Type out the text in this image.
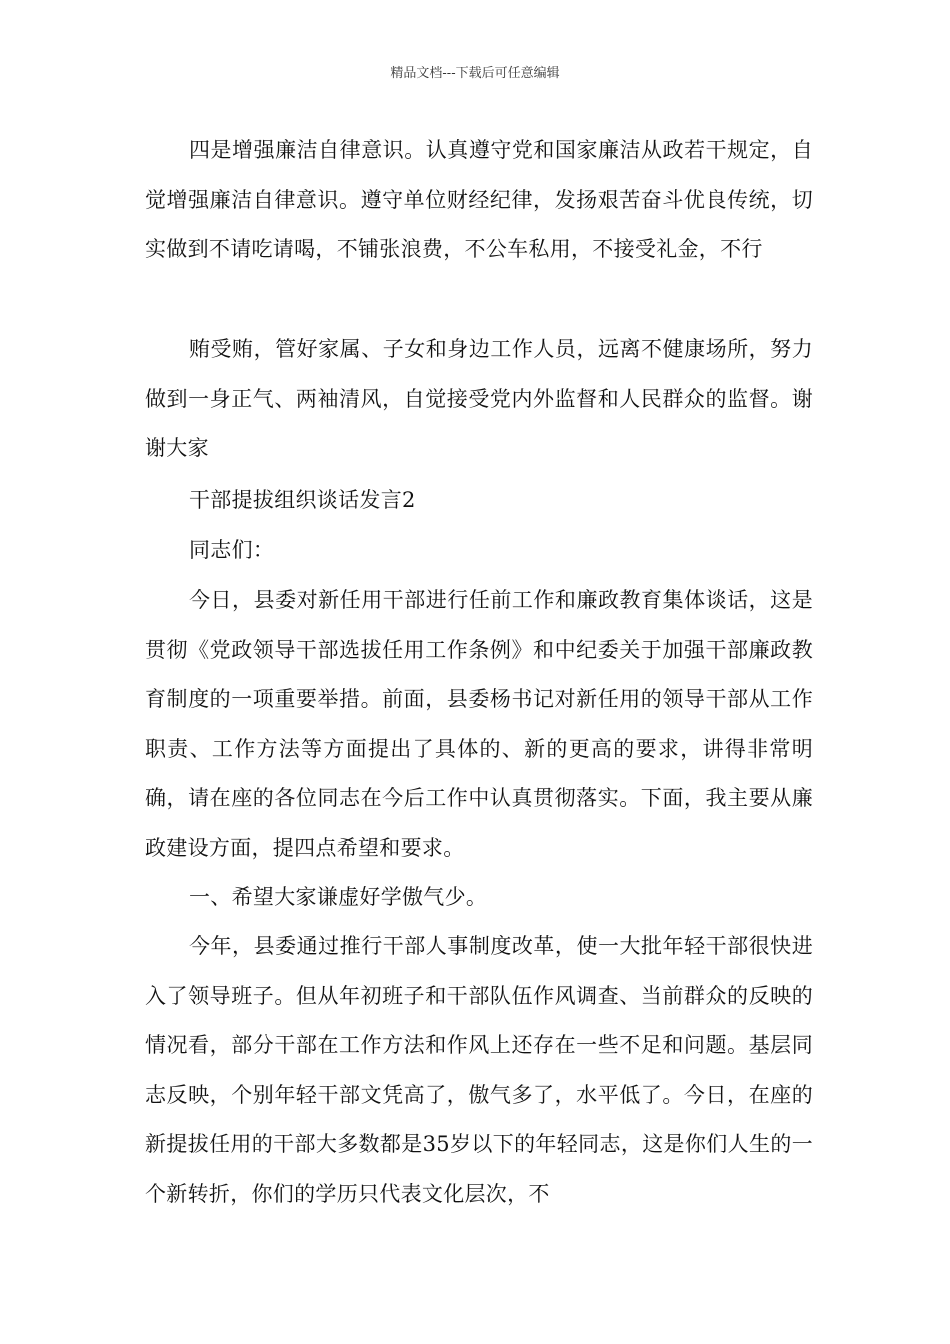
精品文档---下载后可任意编辑

四是增强廉洁自律意识。认真遵守党和国家廉洁从政若干规定，自觉增强廉洁自律意识。遵守单位财经纪律，发扬艰苦奋斗优良传统，切实做到不请吃请喝，不铺张浪费，不公车私用，不接受礼金，不行

贿受贿，管好家属、子女和身边工作人员，远离不健康场所，努力做到一身正气、两袖清风，自觉接受党内外监督和人民群众的监督。谢谢大家

干部提拔组织谈话发言2

同志们：

今日，县委对新任用干部进行任前工作和廉政教育集体谈话，这是贯彻《党政领导干部选拔任用工作条例》和中纪委关于加强干部廉政教育制度的一项重要举措。前面，县委杨书记对新任用的领导干部从工作职责、工作方法等方面提出了具体的、新的更高的要求，讲得非常明确，请在座的各位同志在今后工作中认真贯彻落实。下面，我主要从廉政建设方面，提四点希望和要求。

一、希望大家谦虚好学傲气少。

今年，县委通过推行干部人事制度改革，使一大批年轻干部很快进入了领导班子。但从年初班子和干部队伍作风调查、当前群众的反映的情况看，部分干部在工作方法和作风上还存在一些不足和问题。基层同志反映，个别年轻干部文凭高了，傲气多了，水平低了。今日，在座的新提拔任用的干部大多数都是35岁以下的年轻同志，这是你们人生的一个新转折，你们的学历只代表文化层次，不
